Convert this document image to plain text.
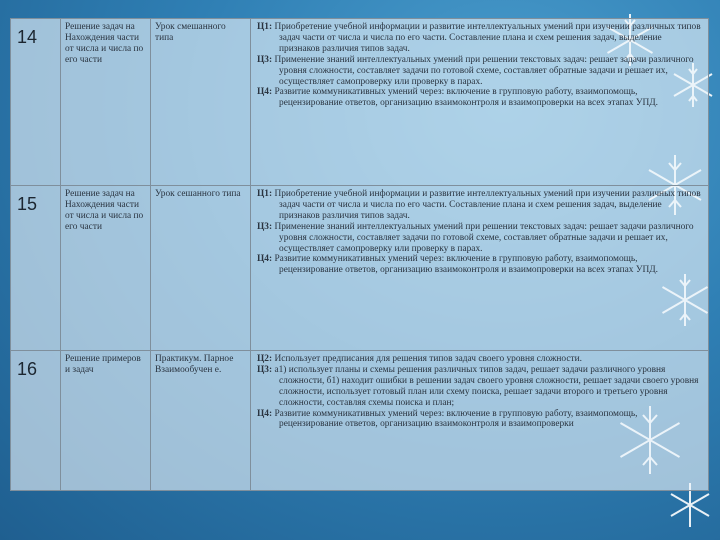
14	Решение задач на Нахождения части от числа и числа по его части	Урок смешанного типа	Ц1: Приобретение учебной информации и развитие интеллектуальных умений при изучении различных типов задач части от числа и числа по его части. Составление плана и схем решения задач, выделение признаков различия типов задач.
Ц3: Применение знаний интеллектуальных умений при решении текстовых задач: решает задачи различного уровня сложности, составляет задачи по готовой схеме, составляет обратные задачи и решает их, осуществляет самопроверку или проверку в парах.
Ц4: Развитие коммуникативных умений через: включение в групповую работу, взаимопомощь, рецензирование ответов, организацию взаимоконтроля и взаимопроверки на всех этапах УПД.

15	Решение задач на Нахождения части от числа и числа по его части	Урок сешанного типа	Ц1: Приобретение учебной информации и развитие интеллектуальных умений при изучении различных типов задач части от числа и числа по его части. Составление плана и схем решения задач, выделение признаков различия типов задач.
Ц3: Применение знаний интеллектуальных умений при решении текстовых задач: решает задачи различного уровня сложности, составляет задачи по готовой схеме, составляет обратные задачи и решает их, осуществляет самопроверку или проверку в парах.
Ц4: Развитие коммуникативных умений через: включение в групповую работу, взаимопомощь, рецензирование ответов, организацию взаимоконтроля и взаимопроверки на всех этапах УПД.

16	Решение примеров и задач	Практикум. Парное Взаимообучен е.	Ц2: Использует предписания для решения типов задач своего уровня сложности.
Ц3: а1) использует планы и схемы решения различных типов задач, решает задачи различного уровня сложности, б1) находит ошибки в решении задач своего уровня сложности, решает задачи своего уровня сложности, использует готовый план или схему поиска, решает задачи второго и третьего уровня сложности, составляя схемы поиска и план;
Ц4: Развитие коммуникативных умений через: включение в групповую работу, взаимопомощь, рецензирование ответов, организацию взаимоконтроля и взаимопроверки
